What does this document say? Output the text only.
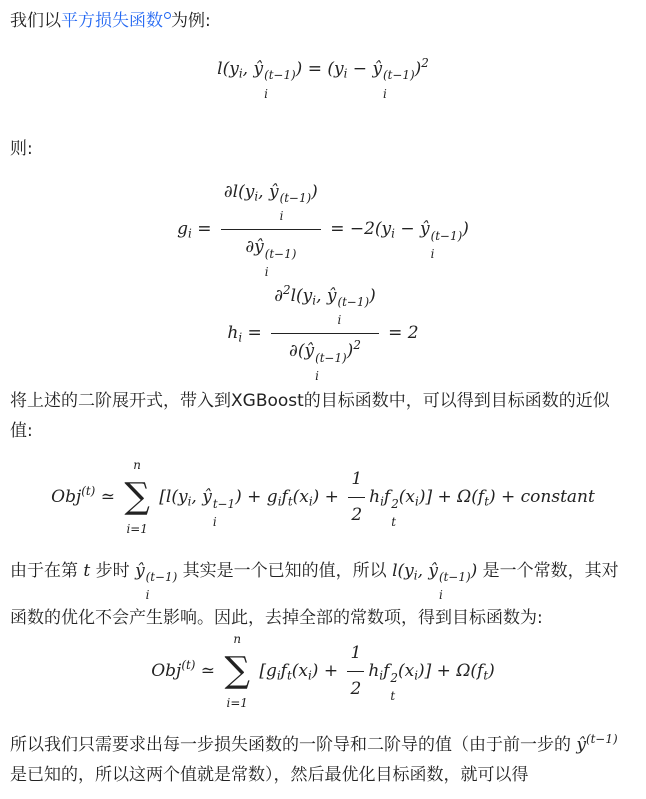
我们以平方损失函数 为例:
$l(y_i$, ŷ (t−1)
i
) = ($y_i$ − ŷ (t−1)
i
)$^2$
则:
$g_i = \partial l(y_i$, ŷ (t−1)
i
)
∂ŷ (t−1)
$i = -2(y_i$ − ŷ (t−1)
i
)
$h_i = \partial^2l(y_i$, ŷ (t−1)
i
)
∂(ŷ (t−1)
i
)$^2$ = 2
将上述的二阶展开式，带入到XGBoost的目标函数中，可以得到目标函数的近似值:
Obj$^{(t)}$ ≃
n
∑
i=1
[$l(y_i$, ŷ t−1
i
) + $g_if_t(x_i) + \frac{1}{2} h_if$ 2
t
$(x_i)] + \Omega(f_t)$ + constant
由于在第 t 步时 ŷ (t−1)
i
其实是一个已知的值，所以 $l(y_i$, ŷ (t−1)
i
) 是一个常数，其对函数的优化不会产生影响。因此，去掉全部的常数项，得到目标函数为:
Obj$^{(t)}$ ≃
n
∑
i=1
[$g_if_t(x_i) + \frac{1}{2} h_if$ 2
t
$(x_i)] + \Omega(f_t)$
所以我们只需要求出每一步损失函数的一阶导和二阶导的值（由于前一步的 $ŷ^{(t-1)}$ 是已知的，所以这两个值就是常数），然后最优化目标函数，就可以得
